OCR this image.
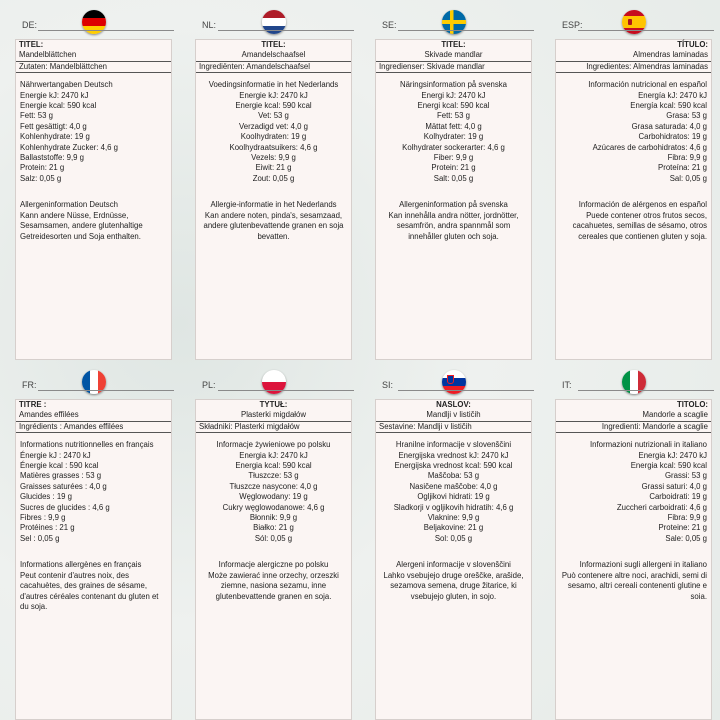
DE:
TITEL:
Mandelblättchen
Zutaten: Mandelblättchen
Nährwertangaben Deutsch
Energie kJ: 2470 kJ
Energie kcal: 590 kcal
Fett: 53 g
Fett gesättigt: 4,0 g
Kohlenhydrate: 19 g
Kohlenhydrate Zucker: 4,6 g
Ballaststoffe: 9,9 g
Protein: 21 g
Salz: 0,05 g
Allergeninformation Deutsch
Kann andere Nüsse, Erdnüsse, Sesamsamen, andere glutenhaltige Getreidesorten und Soja enthalten.
NL:
TITEL:
Amandelschaafsel
Ingrediënten: Amandelschaafsel
Voedingsinformatie in het Nederlands
Energie kJ: 2470 kJ
Energie kcal: 590 kcal
Vet: 53 g
Verzadigd vet: 4,0 g
Koolhydraten: 19 g
Koolhydraatsuikers: 4,6 g
Vezels: 9,9 g
Eiwit: 21 g
Zout: 0,05 g
Allergie-informatie in het Nederlands
Kan andere noten, pinda's, sesamzaad, andere glutenbevattende granen en soja bevatten.
SE:
TITEL:
Skivade mandlar
Ingredienser: Skivade mandlar
Näringsinformation på svenska
Energi kJ: 2470 kJ
Energi kcal: 590 kcal
Fett: 53 g
Mättat fett: 4,0 g
Kolhydrater: 19 g
Kolhydrater sockerarter: 4,6 g
Fiber: 9,9 g
Protein: 21 g
Salt: 0,05 g
Allergeninformation på svenska
Kan innehålla andra nötter, jordnötter, sesamfrön, andra spannmål som innehåller gluten och soja.
ESP:
TÍTULO:
Almendras laminadas
Ingredientes: Almendras laminadas
Información nutricional en español
Energía kJ: 2470 kJ
Energía kcal: 590 kcal
Grasa: 53 g
Grasa saturada: 4,0 g
Carbohidratos: 19 g
Azúcares de carbohidratos: 4,6 g
Fibra: 9,9 g
Proteína: 21 g
Sal: 0,05 g
Información de alérgenos en español
Puede contener otros frutos secos, cacahuetes, semillas de sésamo, otros cereales que contienen gluten y soja.
FR:
TITRE :
Amandes effilées
Ingrédients : Amandes effilées
Informations nutritionnelles en français
Énergie kJ : 2470 kJ
Énergie kcal : 590 kcal
Matières grasses : 53 g
Graisses saturées : 4,0 g
Glucides : 19 g
Sucres de glucides : 4,6 g
Fibres : 9,9 g
Protéines : 21 g
Sel : 0,05 g
Informations allergènes en français
Peut contenir d'autres noix, des cacahuètes, des graines de sésame, d'autres céréales contenant du gluten et du soja.
PL:
TYTUŁ:
Plasterki migdałów
Składniki: Plasterki migdałów
Informacje żywieniowe po polsku
Energia kJ: 2470 kJ
Energia kcal: 590 kcal
Tłuszcze: 53 g
Tłuszcze nasycone: 4,0 g
Węglowodany: 19 g
Cukry węglowodanowe: 4,6 g
Błonnik: 9,9 g
Białko: 21 g
Sól: 0,05 g
Informacje alergiczne po polsku
Może zawierać inne orzechy, orzeszki ziemne, nasiona sezamu, inne glutenbevattende granen en soja.
SI:
NASLOV:
Mandlji v lističih
Sestavine: Mandlji v lističih
Hranilne informacije v slovenščini
Energijska vrednost kJ: 2470 kJ
Energijska vrednost kcal: 590 kcal
Maščoba: 53 g
Nasičene maščobe: 4,0 g
Ogljikovi hidrati: 19 g
Sladkorji v ogljikovih hidratih: 4,6 g
Vlaknine: 9,9 g
Beljakovine: 21 g
Sol: 0,05 g
Alergeni informacije v slovenščini
Lahko vsebujejo druge oreščke, arašide, sezamova semena, druge žitarice, ki vsebujejo gluten, in sojo.
IT:
TITOLO:
Mandorle a scaglie
Ingredienti: Mandorle a scaglie
Informazioni nutrizionali in italiano
Energia kJ: 2470 kJ
Energia kcal: 590 kcal
Grassi: 53 g
Grassi saturi: 4,0 g
Carboidrati: 19 g
Zuccheri carboidrati: 4,6 g
Fibra: 9,9 g
Proteine: 21 g
Sale: 0,05 g
Informazioni sugli allergeni in italiano
Può contenere altre noci, arachidi, semi di sesamo, altri cereali contenenti glutine e soia.
